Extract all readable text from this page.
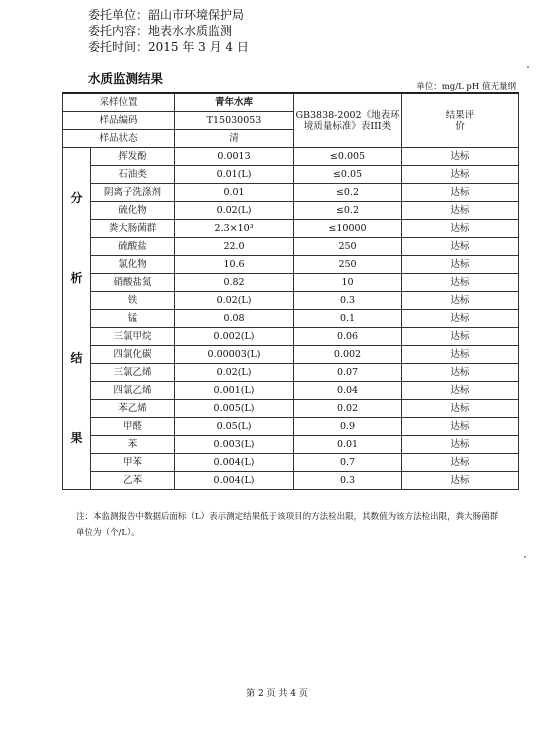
委托单位：韶山市环境保护局
委托内容：地表水水质监测
委托时间：2015 年 3 月 4 日
水质监测结果
单位：mg/L pH 值无量纲
采样位置		青年水库	GB3838-2002《地表环境质量标准》表III类	结果评价
样品编码		T15030053		
样品状态		清		

分
析
结
果	挥发酚	0.0013	≤0.005	达标
	石油类	0.01(L)	≤0.05	达标
	阴离子洗涤剂	0.01	≤0.2	达标
	硫化物	0.02(L)	≤0.2	达标
	粪大肠菌群	2.3×10³	≤10000	达标
	硫酸盐	22.0	250	达标
	氯化物	10.6	250	达标
	硝酸盐氮	0.82	10	达标
	铁	0.02(L)	0.3	达标
	锰	0.08	0.1	达标
	三氯甲烷	0.002(L)	0.06	达标
	四氯化碳	0.00003(L)	0.002	达标
	三氯乙烯	0.02(L)	0.07	达标
	四氯乙烯	0.001(L)	0.04	达标
	苯乙烯	0.005(L)	0.02	达标
	甲醛	0.05(L)	0.9	达标
	苯	0.003(L)	0.01	达标
	甲苯	0.004(L)	0.7	达标
	乙苯	0.004(L)	0.3	达标
注：本监测报告中数据后面标（L）表示测定结果低于该项目的方法检出限，其数值为该方法检出限，粪大肠菌群单位为（个/L）。
第 2 页 共 4 页
